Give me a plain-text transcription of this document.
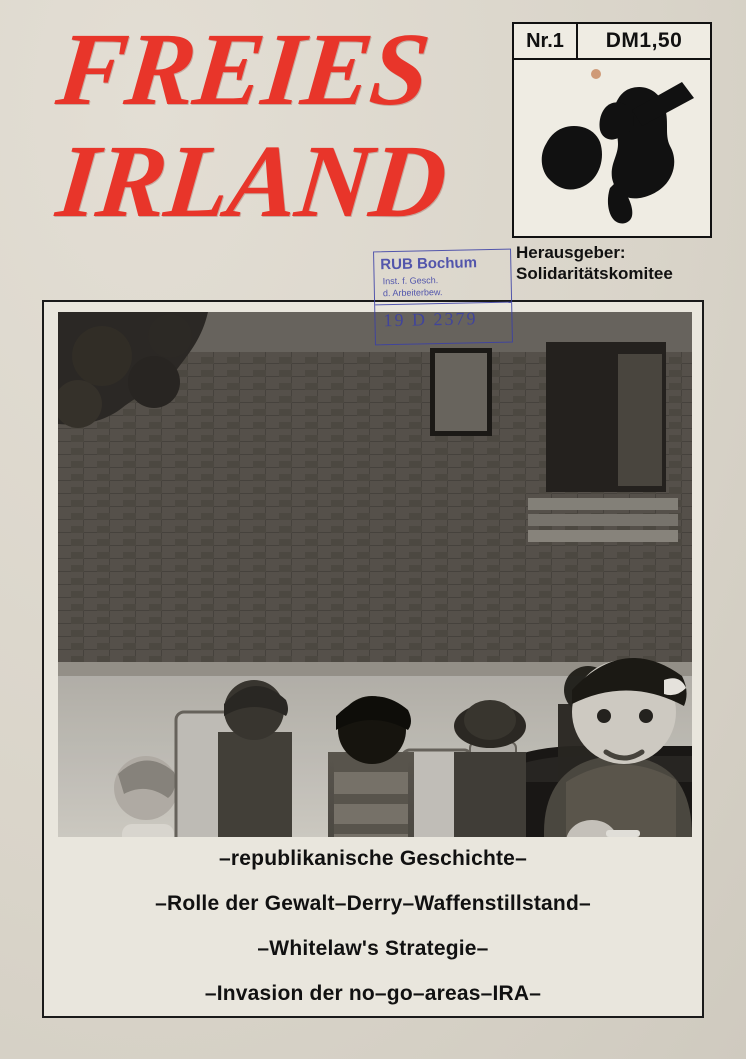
FREIES
IRLAND
Nr.1	DM1,50
Herausgeber:
Solidaritätskomitee
RUB Bochum
Inst. f. Gesch.
d. Arbeiterbew.
19 D 2379
–republikanische Geschichte–
–Rolle der Gewalt–Derry–Waffenstillstand–
–Whitelaw's Strategie–
–Invasion der no–go–areas–IRA–
